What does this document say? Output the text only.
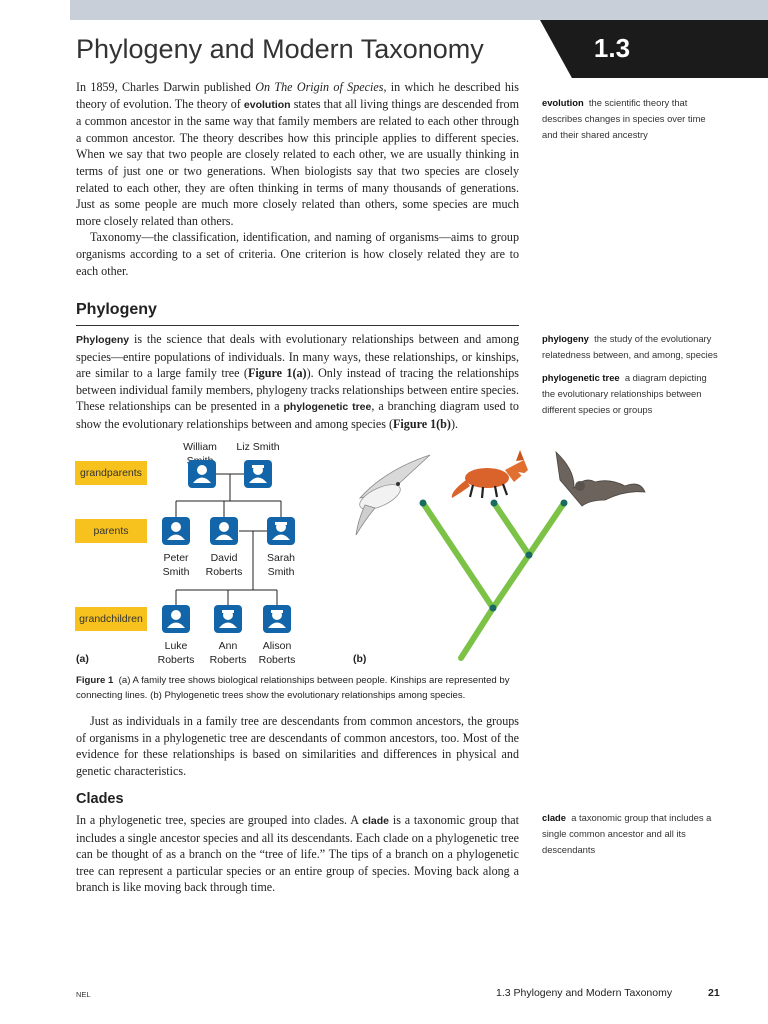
1.3
Phylogeny and Modern Taxonomy

In 1859, Charles Darwin published On The Origin of Species, in which he described his theory of evolution. The theory of evolution states that all living things are descended from a common ancestor in the same way that family members are related to each other through a common ancestor. The theory describes how this principle applies to different species. When we say that two people are closely related to each other, we are usually thinking in terms of just one or two generations. When biologists say that two species are closely related to each other, they are often thinking in terms of many thousands of generations. Just as some people are much more closely related than others, some species are much more closely related than others.

Taxonomy—the classification, identification, and naming of organisms—aims to group organisms according to a set of criteria. One criterion is how closely related they are to each other.

evolution the scientific theory that describes changes in species over time and their shared ancestry
Phylogeny

Phylogeny is the science that deals with evolutionary relationships between and among species—entire populations of individuals. In many ways, these relationships, or kinships, are similar to a large family tree (Figure 1(a)). Only instead of tracing the relationships between individual family members, phylogeny tracks relationships between entire species. These relationships can be presented in a phylogenetic tree, a branching diagram used to show the evolutionary relationships between and among species (Figure 1(b)).

phylogeny the study of the evolutionary relatedness between, and among, species
phylogenetic tree a diagram depicting the evolutionary relationships between different species or groups
William	Liz Smith
grandparents
parents
grandchildren
Peter
Smith
David
Roberts
Sarah
Smith
Luke
Roberts
Ann
Roberts
Alison
Roberts
(a)	(b)
Figure 1 (a) A family tree shows biological relationships between people. Kinships are represented by connecting lines. (b) Phylogenetic trees show the evolutionary relationships among species.

Just as individuals in a family tree are descendants from common ancestors, the groups of organisms in a phylogenetic tree are descendants of common ancestors, too. Most of the evidence for these relationships is based on similarities and differences in physical and genetic characteristics.

Clades

In a phylogenetic tree, species are grouped into clades. A clade is a taxonomic group that includes a single ancestor species and all its descendants. Each clade on a phylogenetic tree can be thought of as a branch on the “tree of life.” The tips of a branch on a phylogenetic tree can represent a particular species or an entire group of species. Moving back along a branch is like moving back through time.

clade a taxonomic group that includes a single common ancestor and all its descendants
NEL	1.3 Phylogeny and Modern Taxonomy	21
